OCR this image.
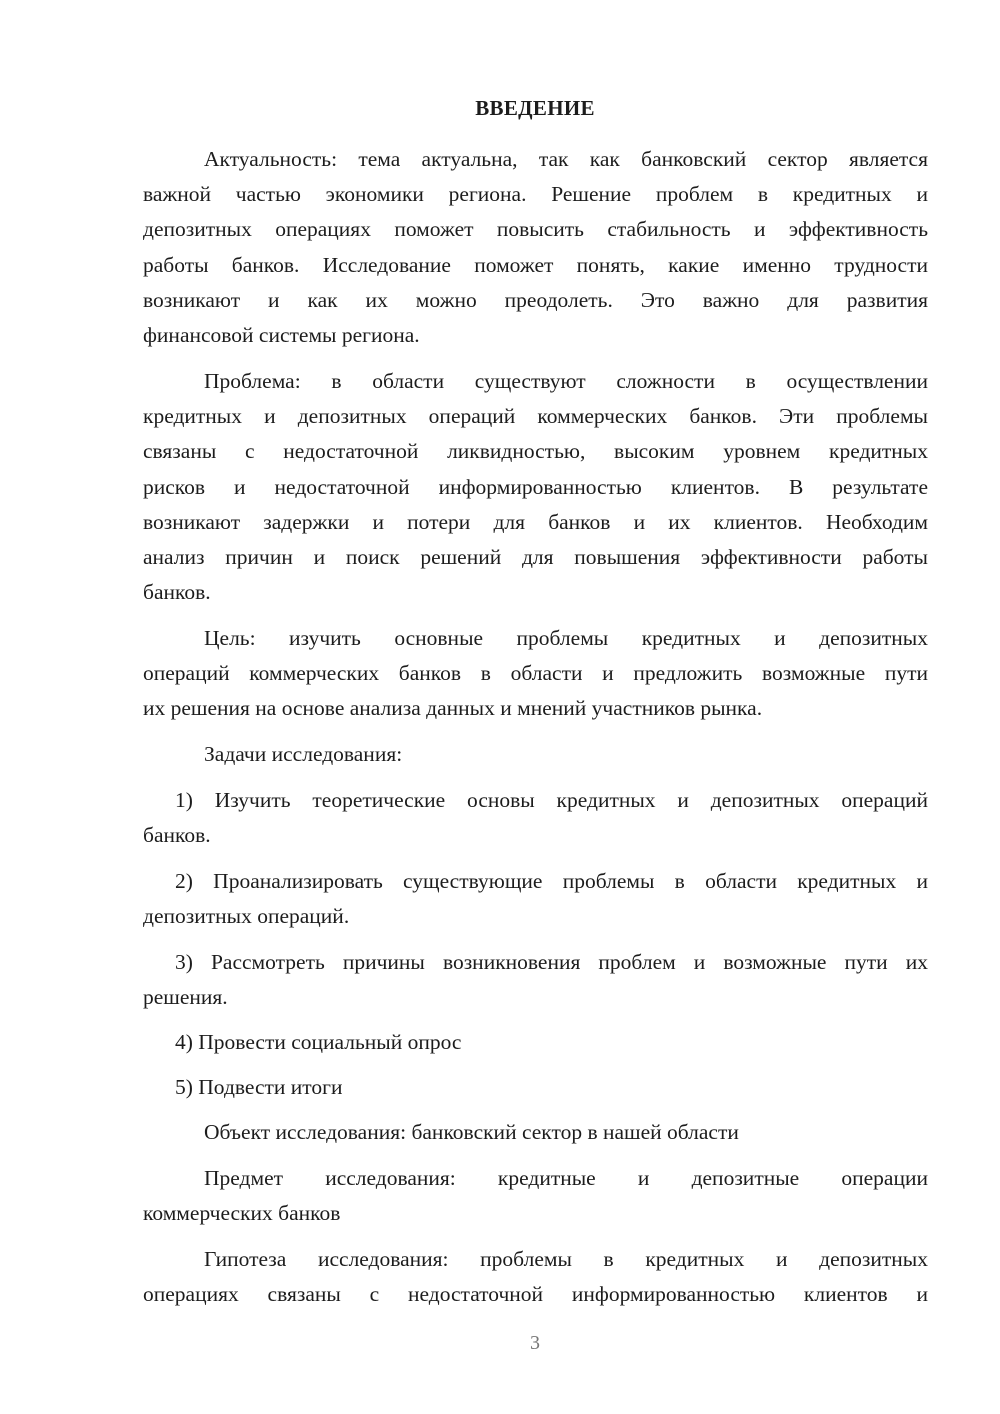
ВВЕДЕНИЕ
Актуальность: тема актуальна, так как банковский сектор является
важной частью экономики региона. Решение проблем в кредитных и
депозитных операциях поможет повысить стабильность и эффективность
работы банков. Исследование поможет понять, какие именно трудности
возникают и как их можно преодолеть. Это важно для развития
финансовой системы региона.
Проблема: в области существуют сложности в осуществлении
кредитных и депозитных операций коммерческих банков. Эти проблемы
связаны с недостаточной ликвидностью, высоким уровнем кредитных
рисков и недостаточной информированностью клиентов. В результате
возникают задержки и потери для банков и их клиентов. Необходим
анализ причин и поиск решений для повышения эффективности работы
банков.
Цель: изучить основные проблемы кредитных и депозитных
операций коммерческих банков в области и предложить возможные пути
их решения на основе анализа данных и мнений участников рынка.
Задачи исследования:
1) Изучить теоретические основы кредитных и депозитных операций
банков.
2) Проанализировать существующие проблемы в области кредитных и
депозитных операций.
3) Рассмотреть причины возникновения проблем и возможные пути их
решения.
4) Провести социальный опрос
5) Подвести итоги
Объект исследования: банковский сектор в нашей области
Предмет исследования: кредитные и депозитные операции
коммерческих банков
Гипотеза исследования: проблемы в кредитных и депозитных
операциях связаны с недостаточной информированностью клиентов и
3
